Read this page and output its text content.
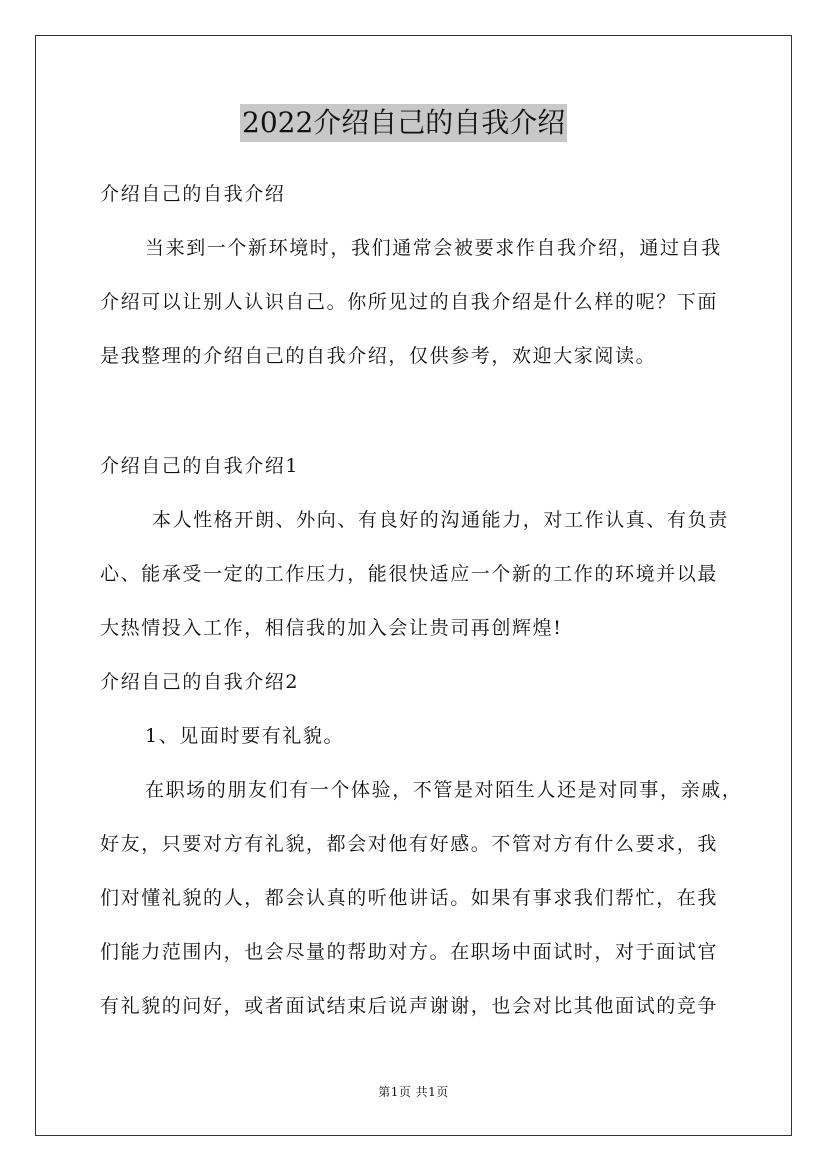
2022介绍自己的自我介绍
介绍自己的自我介绍
当来到一个新环境时，我们通常会被要求作自我介绍，通过自我
介绍可以让别人认识自己。你所见过的自我介绍是什么样的呢？下面
是我整理的介绍自己的自我介绍，仅供参考，欢迎大家阅读。
介绍自己的自我介绍1
本人性格开朗、外向、有良好的沟通能力，对工作认真、有负责
心、能承受一定的工作压力，能很快适应一个新的工作的环境并以最
大热情投入工作，相信我的加入会让贵司再创辉煌!
介绍自己的自我介绍2
1、见面时要有礼貌。
在职场的朋友们有一个体验，不管是对陌生人还是对同事，亲戚，
好友，只要对方有礼貌，都会对他有好感。不管对方有什么要求，我
们对懂礼貌的人，都会认真的听他讲话。如果有事求我们帮忙，在我
们能力范围内，也会尽量的帮助对方。在职场中面试时，对于面试官
有礼貌的问好，或者面试结束后说声谢谢，也会对比其他面试的竞争
第1页 共1页
